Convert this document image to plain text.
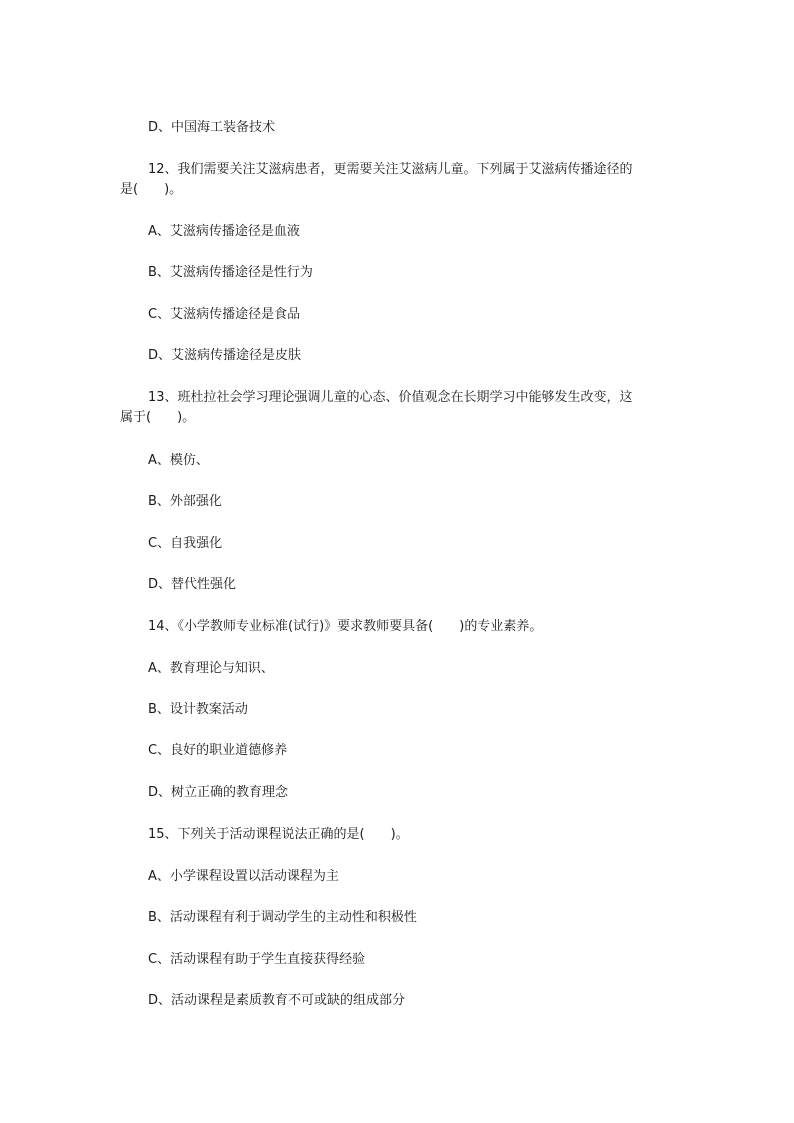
D、中国海工装备技术
12、我们需要关注艾滋病患者，更需要关注艾滋病儿童。下列属于艾滋病传播途径的
是(　　)。
A、艾滋病传播途径是血液
B、艾滋病传播途径是性行为
C、艾滋病传播途径是食品
D、艾滋病传播途径是皮肤
13、班杜拉社会学习理论强调儿童的心态、价值观念在长期学习中能够发生改变，这
属于(　　)。
A、模仿、
B、外部强化
C、自我强化
D、替代性强化
14、《小学教师专业标准(试行)》要求教师要具备(　　)的专业素养。
A、教育理论与知识、
B、设计教案活动
C、良好的职业道德修养
D、树立正确的教育理念
15、下列关于活动课程说法正确的是(　　)。
A、小学课程设置以活动课程为主
B、活动课程有利于调动学生的主动性和积极性
C、活动课程有助于学生直接获得经验
D、活动课程是素质教育不可或缺的组成部分
